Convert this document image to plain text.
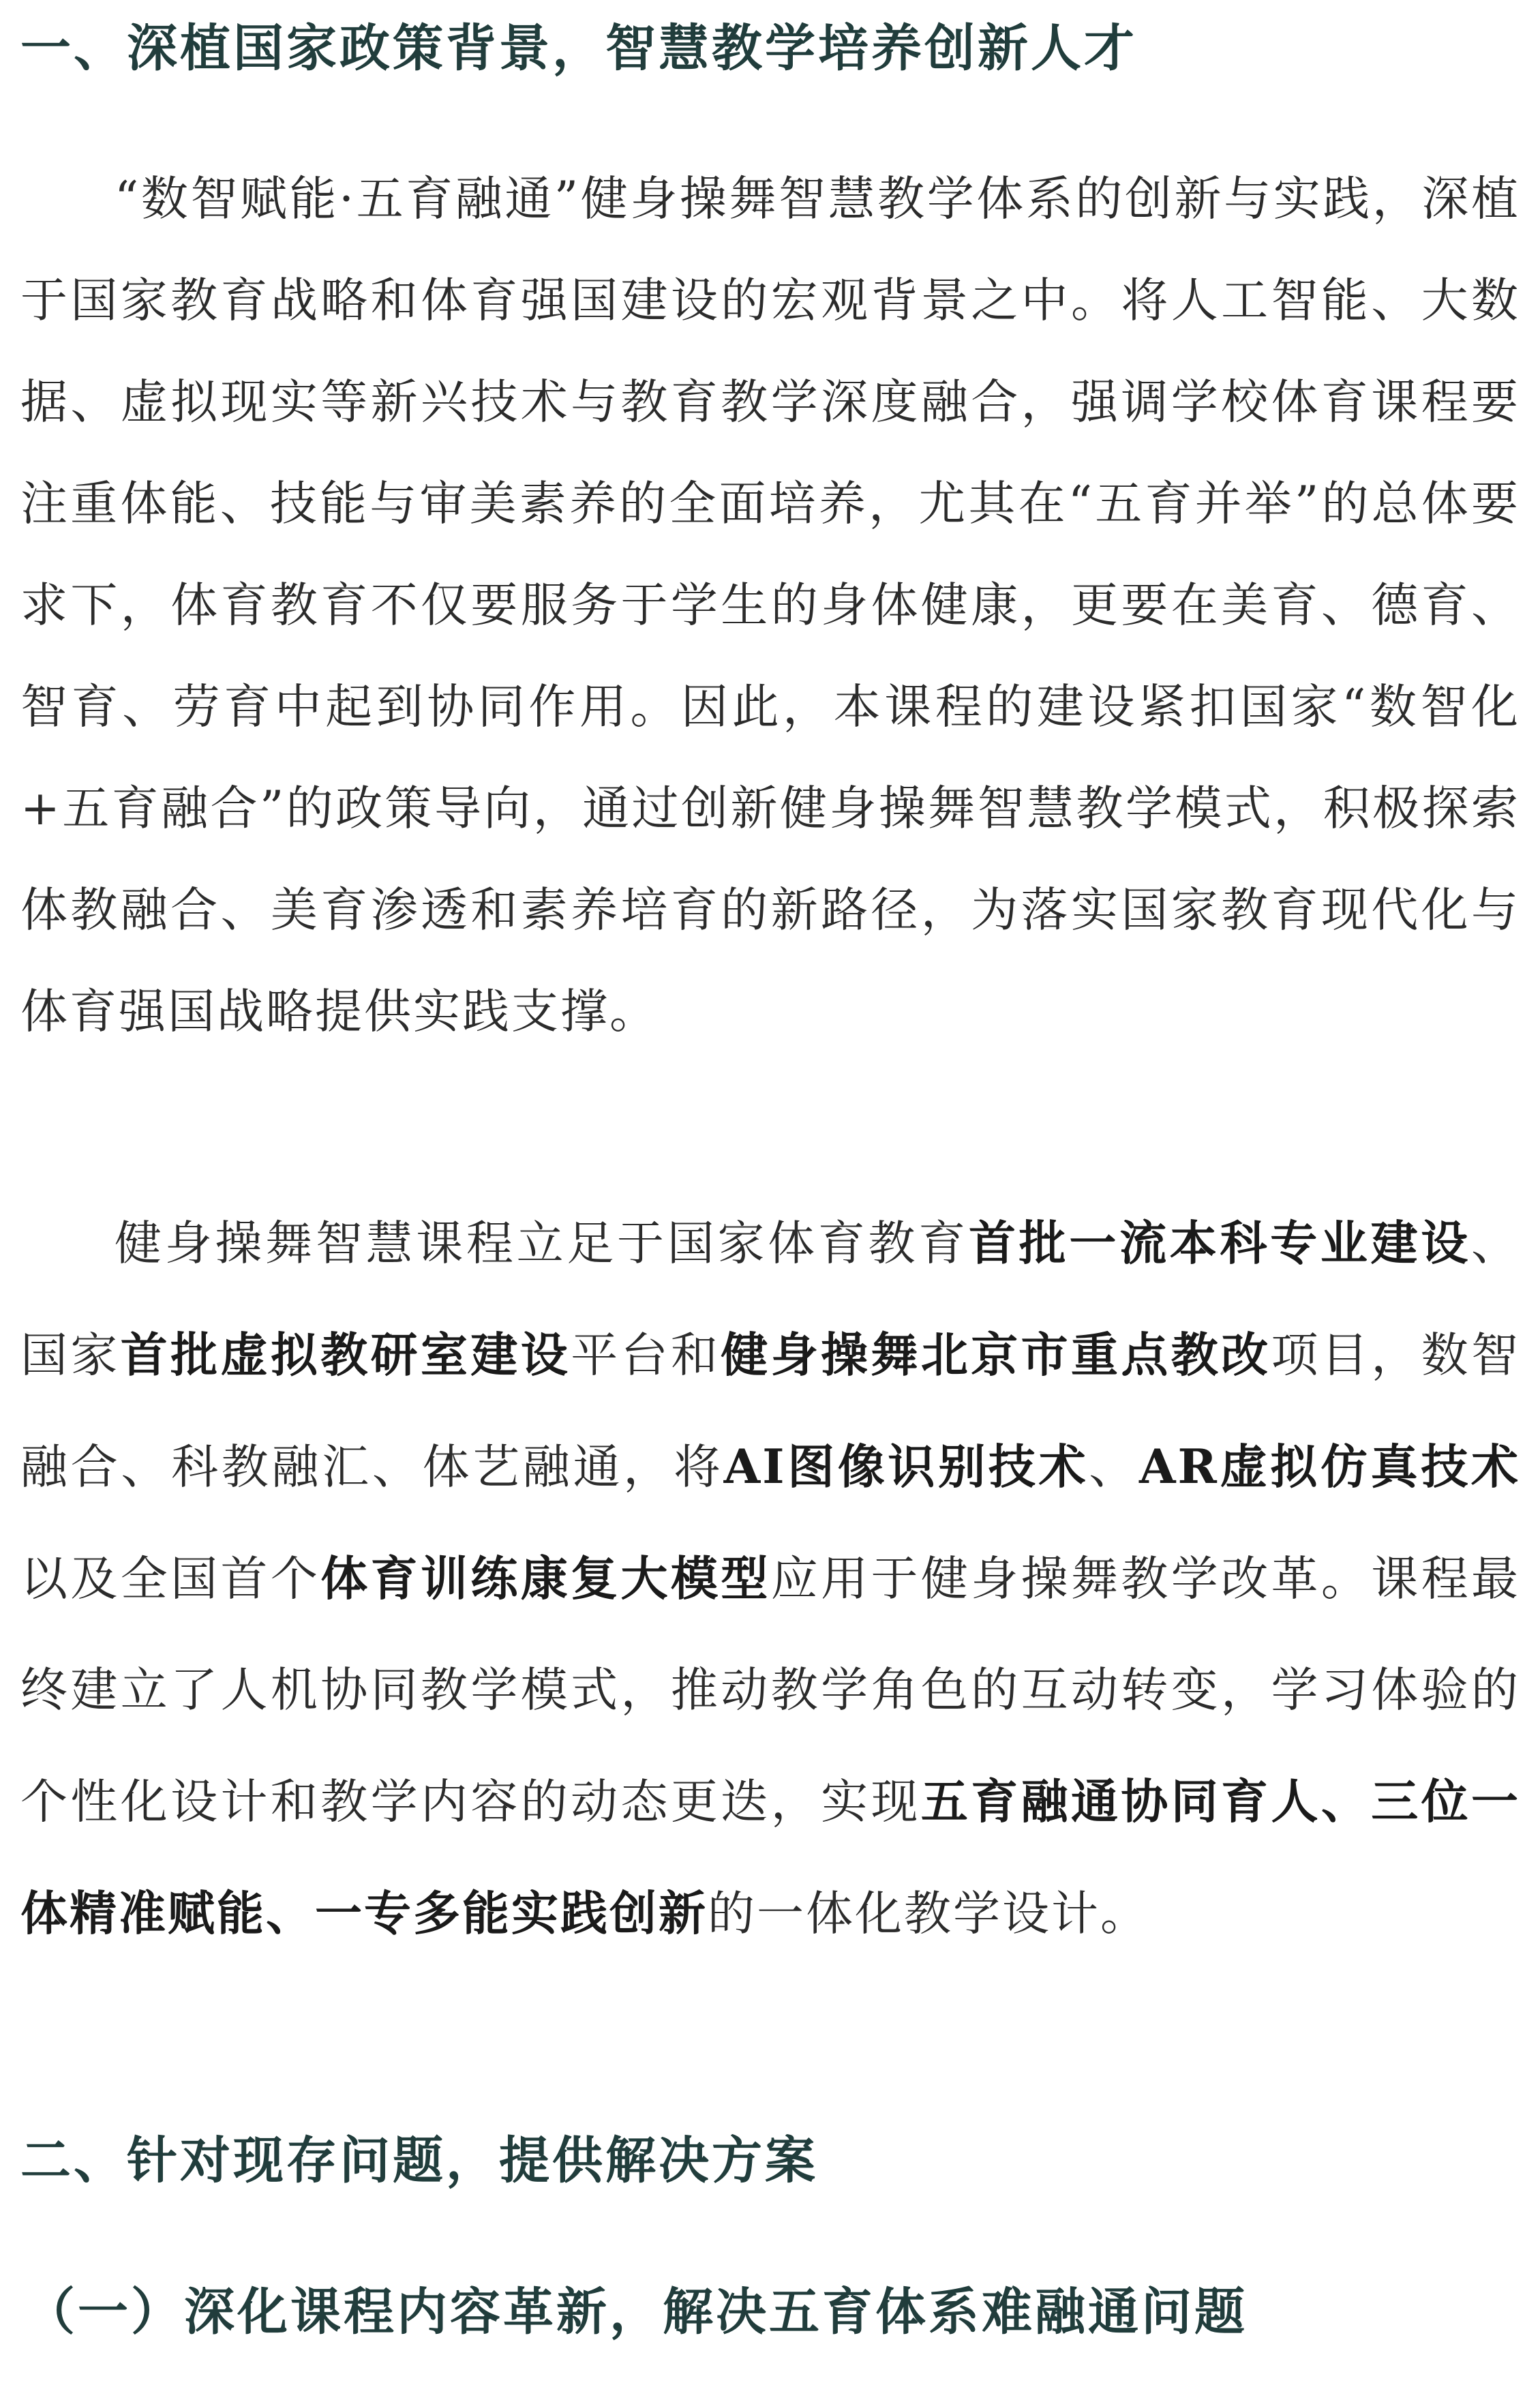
一、深植国家政策背景，智慧教学培养创新人才

“数智赋能·五育融通”健身操舞智慧教学体系的创新与实践，深植于国家教育战略和体育强国建设的宏观背景之中。将人工智能、大数据、虚拟现实等新兴技术与教育教学深度融合，强调学校体育课程要注重体能、技能与审美素养的全面培养，尤其在“五育并举”的总体要求下，体育教育不仅要服务于学生的身体健康，更要在美育、德育、智育、劳育中起到协同作用。因此，本课程的建设紧扣国家“数智化+五育融合”的政策导向，通过创新健身操舞智慧教学模式，积极探索体教融合、美育渗透和素养培育的新路径，为落实国家教育现代化与体育强国战略提供实践支撑。

健身操舞智慧课程立足于国家体育教育首批一流本科专业建设、国家首批虚拟教研室建设平台和健身操舞北京市重点教改项目，数智融合、科教融汇、体艺融通，将AI图像识别技术、AR虚拟仿真技术以及全国首个体育训练康复大模型应用于健身操舞教学改革。课程最终建立了人机协同教学模式，推动教学角色的互动转变，学习体验的个性化设计和教学内容的动态更迭，实现五育融通协同育人、三位一体精准赋能、一专多能实践创新的一体化教学设计。

二、针对现存问题，提供解决方案
（一）深化课程内容革新，解决五育体系难融通问题
